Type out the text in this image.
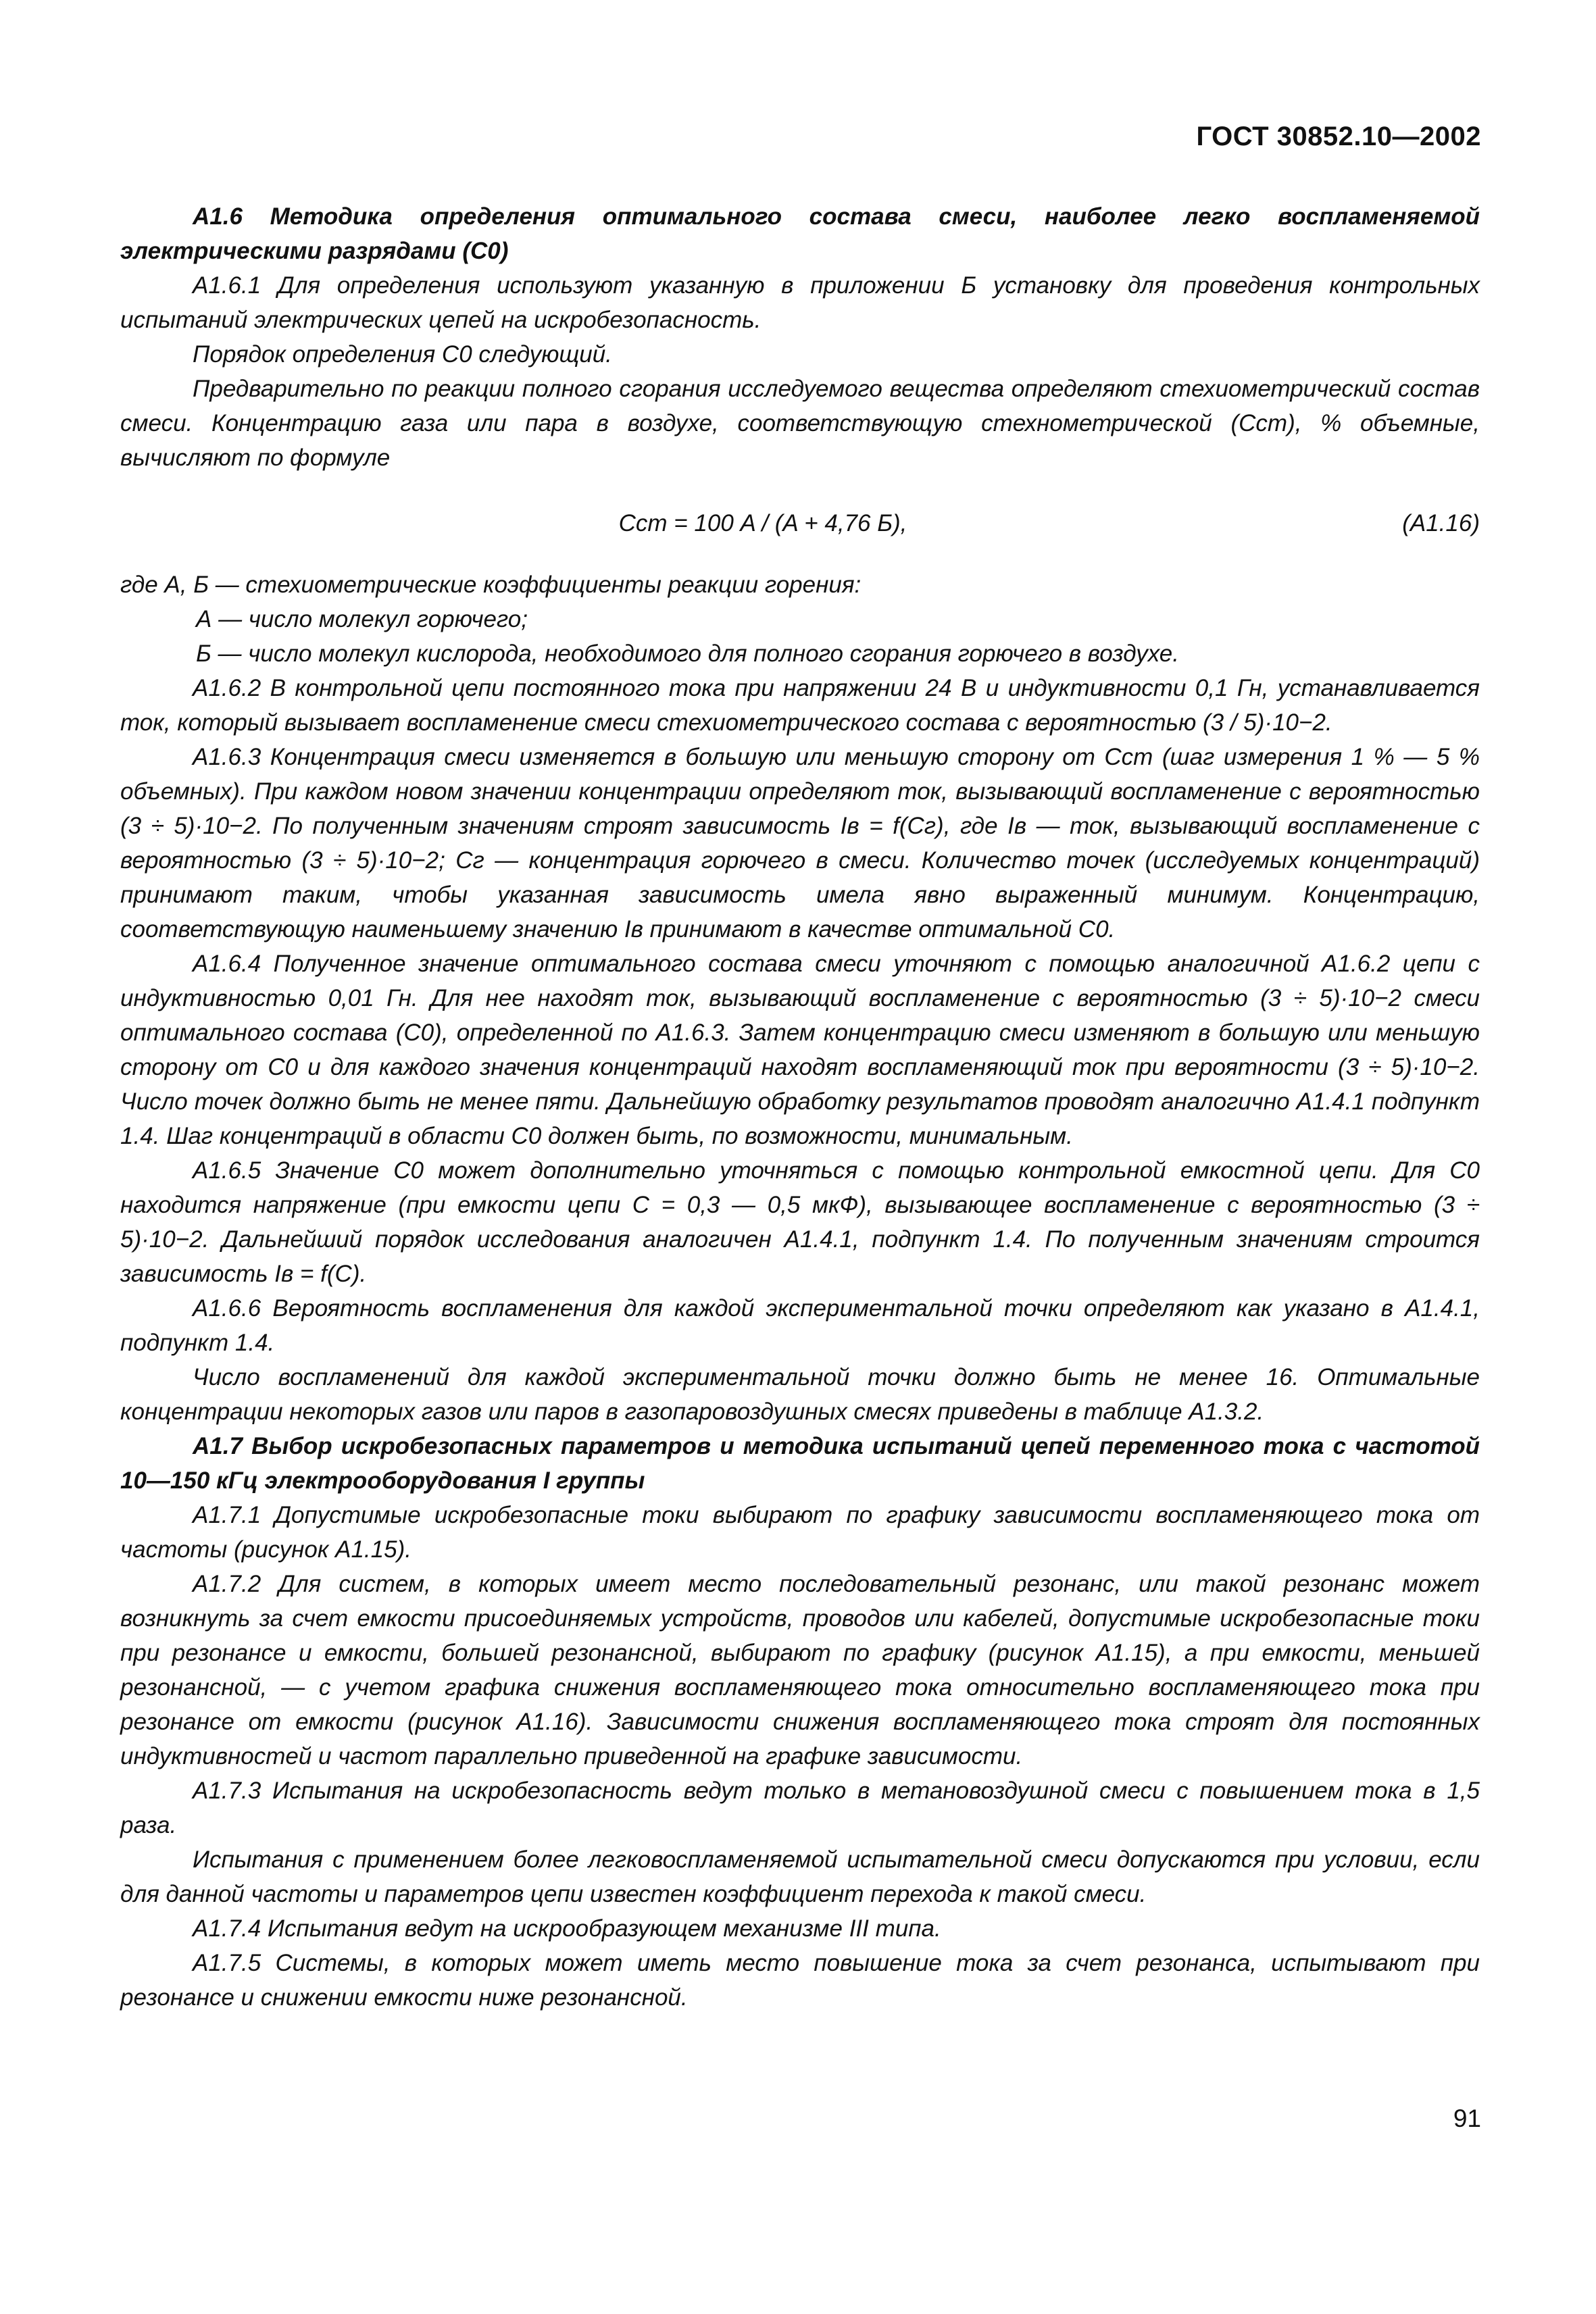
ГОСТ 30852.10—2002

А1.6 Методика определения оптимального состава смеси, наиболее легко воспламеняемой электрическими разрядами (C0)

А1.6.1 Для определения используют указанную в приложении Б установку для проведения контрольных испытаний электрических цепей на искробезопасность.

Порядок определения C0 следующий.

Предварительно по реакции полного сгорания исследуемого вещества определяют стехиометрический состав смеси. Концентрацию газа или пара в воздухе, соответствующую стехнометрической (Cст), % объемные, вычисляют по формуле

Cст = 100 A / (A + 4,76 Б),	(А1.16)

где А, Б — стехиометрические коэффициенты реакции горения:

А — число молекул горючего;

Б — число молекул кислорода, необходимого для полного сгорания горючего в воздухе.

А1.6.2 В контрольной цепи постоянного тока при напряжении 24 В и индуктивности 0,1 Гн, устанавливается ток, который вызывает воспламенение смеси стехиометрического состава с вероятностью (3 / 5)·10−2.

А1.6.3 Концентрация смеси изменяется в большую или меньшую сторону от Cст (шаг измерения 1 % — 5 % объемных). При каждом новом значении концентрации определяют ток, вызывающий воспламенение с вероятностью (3 ÷ 5)·10−2. По полученным значениям строят зависимость Iв = f(Cг), где Iв — ток, вызывающий воспламенение с вероятностью (3 ÷ 5)·10−2; Cг — концентрация горючего в смеси. Количество точек (исследуемых концентраций) принимают таким, чтобы указанная зависимость имела явно выраженный минимум. Концентрацию, соответствующую наименьшему значению Iв принимают в качестве оптимальной C0.

А1.6.4 Полученное значение оптимального состава смеси уточняют с помощью аналогичной А1.6.2 цепи с индуктивностью 0,01 Гн. Для нее находят ток, вызывающий воспламенение с вероятностью (3 ÷ 5)·10−2 смеси оптимального состава (C0), определенной по А1.6.3. Затем концентрацию смеси изменяют в большую или меньшую сторону от C0 и для каждого значения концентраций находят воспламеняющий ток при вероятности (3 ÷ 5)·10−2. Число точек должно быть не менее пяти. Дальнейшую обработку результатов проводят аналогично А1.4.1 подпункт 1.4. Шаг концентраций в области C0 должен быть, по возможности, минимальным.

А1.6.5 Значение C0 может дополнительно уточняться с помощью контрольной емкостной цепи. Для C0 находится напряжение (при емкости цепи C = 0,3 — 0,5 мкФ), вызывающее воспламенение с вероятностью (3 ÷ 5)·10−2. Дальнейший порядок исследования аналогичен А1.4.1, подпункт 1.4. По полученным значениям строится зависимость Iв = f(C).

А1.6.6 Вероятность воспламенения для каждой экспериментальной точки определяют как указано в А1.4.1, подпункт 1.4.

Число воспламенений для каждой экспериментальной точки должно быть не менее 16. Оптимальные концентрации некоторых газов или паров в газопаровоздушных смесях приведены в таблице А1.3.2.

А1.7 Выбор искробезопасных параметров и методика испытаний цепей переменного тока с частотой 10—150 кГц электрооборудования I группы

А1.7.1 Допустимые искробезопасные токи выбирают по графику зависимости воспламеняющего тока от частоты (рисунок А1.15).

А1.7.2 Для систем, в которых имеет место последовательный резонанс, или такой резонанс может возникнуть за счет емкости присоединяемых устройств, проводов или кабелей, допустимые искробезопасные токи при резонансе и емкости, большей резонансной, выбирают по графику (рисунок А1.15), а при емкости, меньшей резонансной, — с учетом графика снижения воспламеняющего тока относительно воспламеняющего тока при резонансе от емкости (рисунок А1.16). Зависимости снижения воспламеняющего тока строят для постоянных индуктивностей и частот параллельно приведенной на графике зависимости.

А1.7.3 Испытания на искробезопасность ведут только в метановоздушной смеси с повышением тока в 1,5 раза.

Испытания с применением более легковоспламеняемой испытательной смеси допускаются при условии, если для данной частоты и параметров цепи известен коэффициент перехода к такой смеси.

А1.7.4 Испытания ведут на искрообразующем механизме III типа.

А1.7.5 Системы, в которых может иметь место повышение тока за счет резонанса, испытывают при резонансе и снижении емкости ниже резонансной.

91
